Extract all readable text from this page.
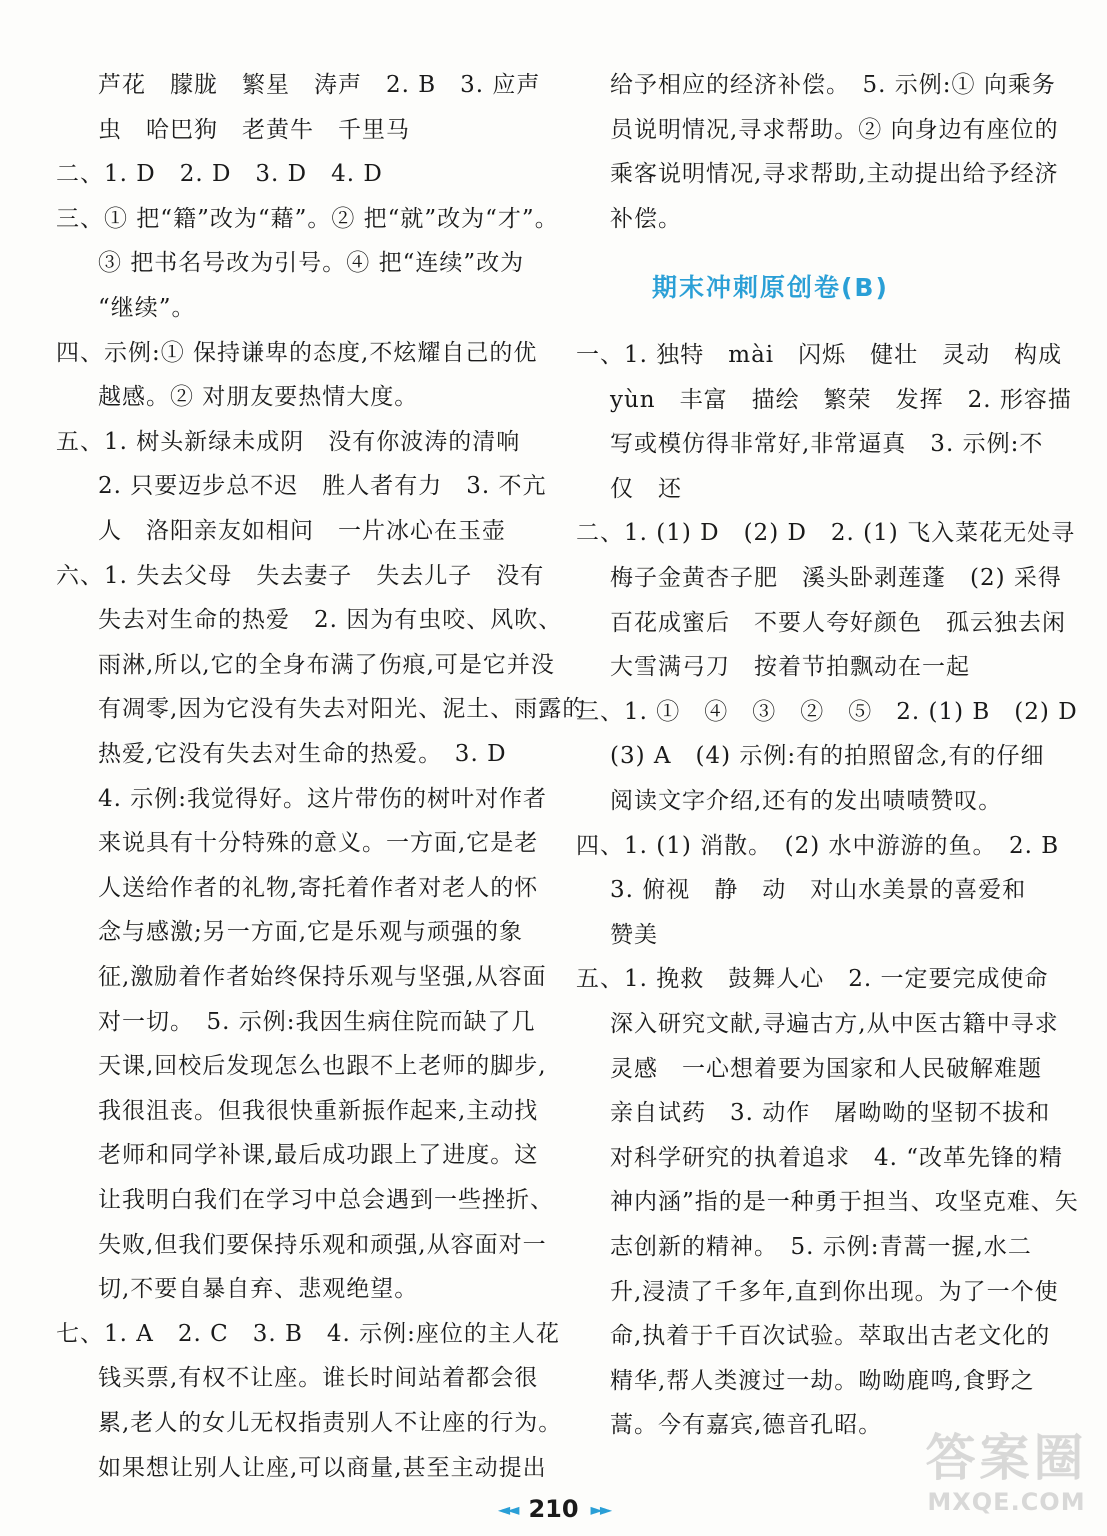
芦花　朦胧　繁星　涛声　2. B　3. 应声
虫　哈巴狗　老黄牛　千里马
二、1. D　2. D　3. D　4. D
三、① 把“籍”改为“藉”。② 把“就”改为“才”。
③ 把书名号改为引号。④ 把“连续”改为
“继续”。
四、示例:① 保持谦卑的态度,不炫耀自己的优
越感。② 对朋友要热情大度。
五、1. 树头新绿未成阴　没有你波涛的清响
2. 只要迈步总不迟　胜人者有力　3. 不亢
人　洛阳亲友如相问　一片冰心在玉壶
六、1. 失去父母　失去妻子　失去儿子　没有
失去对生命的热爱　2. 因为有虫咬、风吹、
雨淋,所以,它的全身布满了伤痕,可是它并没
有凋零,因为它没有失去对阳光、泥土、雨露的
热爱,它没有失去对生命的热爱。　3. D
4. 示例:我觉得好。这片带伤的树叶对作者
来说具有十分特殊的意义。一方面,它是老
人送给作者的礼物,寄托着作者对老人的怀
念与感激;另一方面,它是乐观与顽强的象
征,激励着作者始终保持乐观与坚强,从容面
对一切。　5. 示例:我因生病住院而缺了几
天课,回校后发现怎么也跟不上老师的脚步,
我很沮丧。但我很快重新振作起来,主动找
老师和同学补课,最后成功跟上了进度。这
让我明白我们在学习中总会遇到一些挫折、
失败,但我们要保持乐观和顽强,从容面对一
切,不要自暴自弃、悲观绝望。
七、1. A　2. C　3. B　4. 示例:座位的主人花
钱买票,有权不让座。谁长时间站着都会很
累,老人的女儿无权指责别人不让座的行为。
如果想让别人让座,可以商量,甚至主动提出
给予相应的经济补偿。　5. 示例:① 向乘务
员说明情况,寻求帮助。② 向身边有座位的
乘客说明情况,寻求帮助,主动提出给予经济
补偿。
一、1. 独特　mài　闪烁　健壮　灵动　构成
yùn　丰富　描绘　繁荣　发挥　2. 形容描
写或模仿得非常好,非常逼真　3. 示例:不
仅　还
二、1. (1) D　(2) D　2. (1) 飞入菜花无处寻
梅子金黄杏子肥　溪头卧剥莲蓬　(2) 采得
百花成蜜后　不要人夸好颜色　孤云独去闲
大雪满弓刀　按着节拍飘动在一起
三、1. ①　④　③　②　⑤　2. (1) B　(2) D
(3) A　(4) 示例:有的拍照留念,有的仔细
阅读文字介绍,还有的发出啧啧赞叹。
四、1. (1) 消散。　(2) 水中游游的鱼。　2. B
3. 俯视　静　动　对山水美景的喜爱和
赞美
五、1. 挽救　鼓舞人心　2. 一定要完成使命
深入研究文献,寻遍古方,从中医古籍中寻求
灵感　一心想着要为国家和人民破解难题
亲自试药　3. 动作　屠呦呦的坚韧不拔和
对科学研究的执着追求　4. “改革先锋的精
神内涵”指的是一种勇于担当、攻坚克难、矢
志创新的精神。　5. 示例:青蒿一握,水二
升,浸渍了千多年,直到你出现。为了一个使
命,执着于千百次试验。萃取出古老文化的
精华,帮人类渡过一劫。呦呦鹿鸣,食野之
蒿。今有嘉宾,德音孔昭。
期末冲刺原创卷(B)
◄◄ 210 ►►
答案圈
MXQE.COM
